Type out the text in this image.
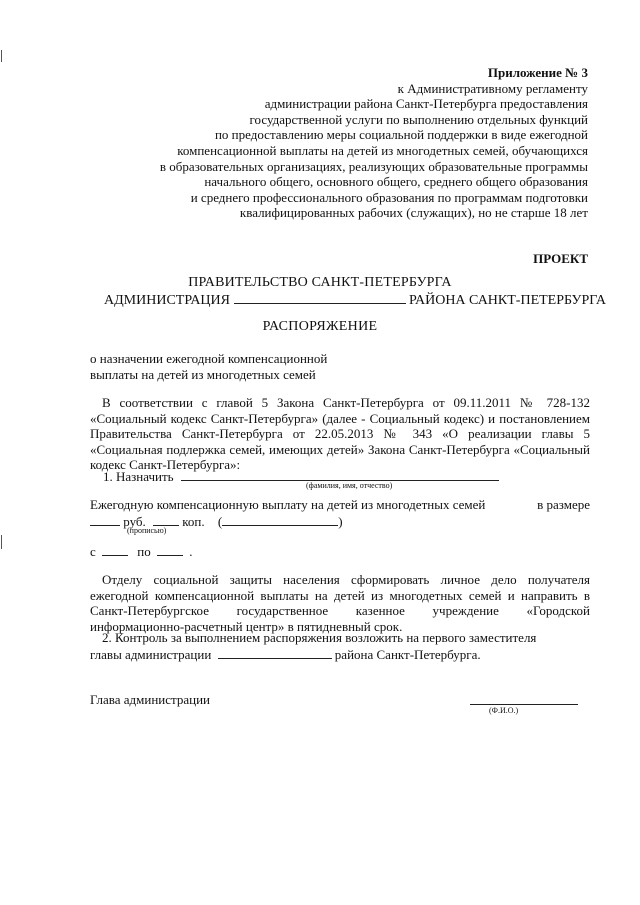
Приложение № 3
к Административному регламенту
администрации района Санкт-Петербурга предоставления
государственной услуги по выполнению отдельных функций
по предоставлению меры социальной поддержки в виде ежегодной
компенсационной выплаты на детей из многодетных семей, обучающихся
в образовательных организациях, реализующих образовательные программы
начального общего, основного общего, среднего общего образования
и среднего профессионального образования по программам подготовки
квалифицированных рабочих (служащих), но не старше 18 лет
ПРОЕКТ
ПРАВИТЕЛЬСТВО САНКТ-ПЕТЕРБУРГА
АДМИНИСТРАЦИЯ	РАЙОНА САНКТ-ПЕТЕРБУРГА
РАСПОРЯЖЕНИЕ
о назначении ежегодной компенсационной
выплаты на детей из многодетных семей
В соответствии с главой 5 Закона Санкт-Петербурга от 09.11.2011 № 728-132 «Социальный кодекс Санкт-Петербурга» (далее - Социальный кодекс) и постановлением Правительства Санкт-Петербурга от 22.05.2013 № 343 «О реализации главы 5 «Социальная подлержка семей, имеющих детей» Закона Санкт-Петербурга «Социальный кодекс Санкт-Петербурга»:
1. Назначить
(фамилия, имя, отчество)
Ежегодную компенсационную выплату на детей из многодетных семей	в размере
руб.	коп. (	)
(прописью)
с	по	.
Отделу социальной защиты населения сформировать личное дело получателя ежегодной компенсационной выплаты на детей из многодетных семей и направить в Санкт-Петербургское государственное казенное учреждение «Городской информационно-расчетный центр» в пятидневный срок.
2. Контроль за выполнением распоряжения возложить на первого заместителя
главы администрации	района Санкт-Петербурга.
Глава администрации
(Ф.И.О.)
